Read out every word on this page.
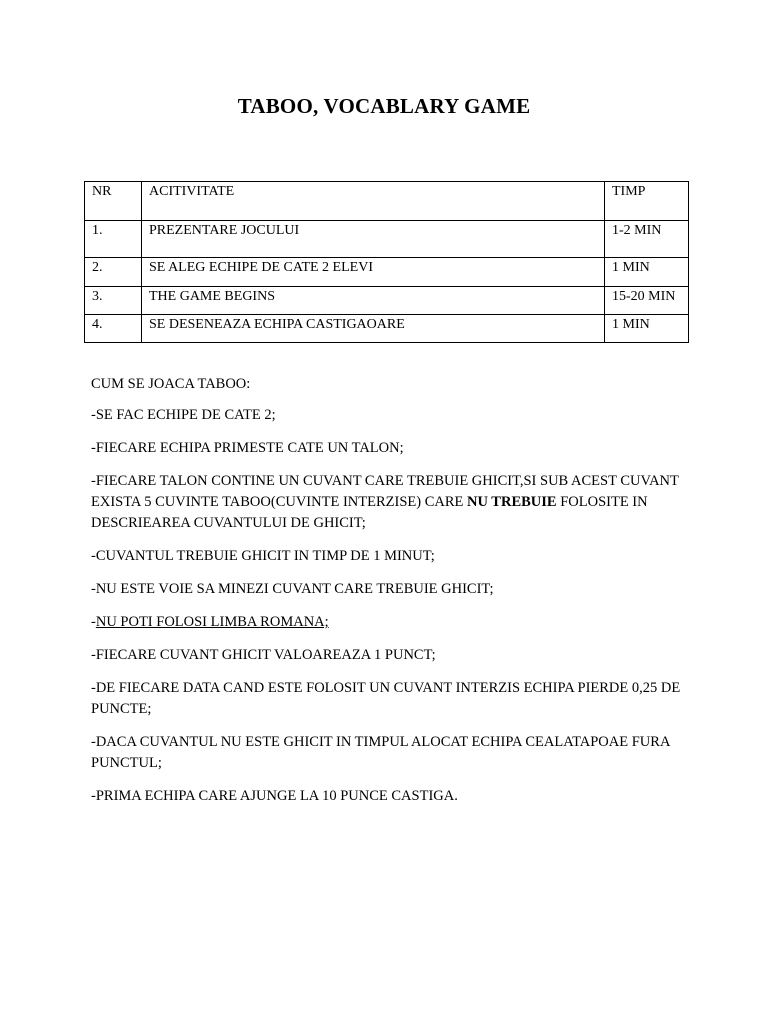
TABOO, VOCABLARY GAME
NR	ACITIVITATE	TIMP
1.	PREZENTARE JOCULUI	1-2 MIN
2.	SE ALEG ECHIPE DE CATE 2 ELEVI	1 MIN
3.	THE GAME BEGINS	15-20 MIN
4.	SE DESENEAZA ECHIPA CASTIGAOARE	1 MIN

CUM SE JOACA TABOO:

-SE FAC ECHIPE DE CATE 2;

-FIECARE ECHIPA PRIMESTE CATE UN TALON;

-FIECARE TALON CONTINE UN CUVANT CARE TREBUIE GHICIT,SI SUB ACEST CUVANT EXISTA 5 CUVINTE TABOO(CUVINTE INTERZISE) CARE NU TREBUIE FOLOSITE IN DESCRIEAREA CUVANTULUI DE GHICIT;

-CUVANTUL TREBUIE GHICIT IN TIMP DE 1 MINUT;

-NU ESTE VOIE SA MINEZI CUVANT CARE TREBUIE GHICIT;

-NU POTI FOLOSI LIMBA ROMANA;

-FIECARE CUVANT GHICIT VALOAREAZA 1 PUNCT;

-DE FIECARE DATA CAND ESTE FOLOSIT UN CUVANT INTERZIS ECHIPA PIERDE 0,25 DE PUNCTE;

-DACA CUVANTUL NU ESTE GHICIT IN TIMPUL ALOCAT ECHIPA CEALATAPOAE FURA PUNCTUL;

-PRIMA ECHIPA CARE AJUNGE LA 10 PUNCE CASTIGA.
